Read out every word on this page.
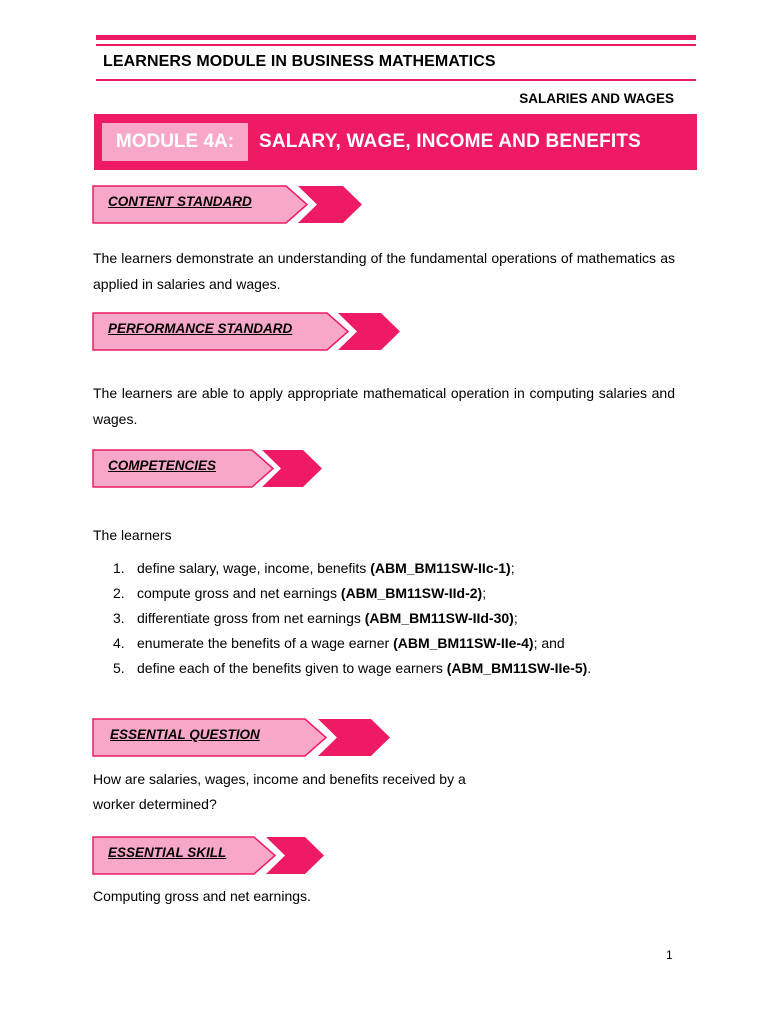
LEARNERS MODULE IN BUSINESS MATHEMATICS
SALARIES AND WAGES
MODULE 4A:	SALARY, WAGE, INCOME AND BENEFITS
CONTENT STANDARD
The learners demonstrate an understanding of the fundamental operations of mathematics as applied in salaries and wages.
PERFORMANCE STANDARD
The learners are able to apply appropriate mathematical operation in computing salaries and wages.
COMPETENCIES
The learners
1. define salary, wage, income, benefits (ABM_BM11SW-IIc-1);
2. compute gross and net earnings (ABM_BM11SW-IId-2);
3. differentiate gross from net earnings (ABM_BM11SW-IId-30);
4. enumerate the benefits of a wage earner (ABM_BM11SW-IIe-4); and
5. define each of the benefits given to wage earners (ABM_BM11SW-IIe-5).
ESSENTIAL QUESTION
How are salaries, wages, income and benefits received by a
worker determined?
ESSENTIAL SKILL
Computing gross and net earnings.
1
